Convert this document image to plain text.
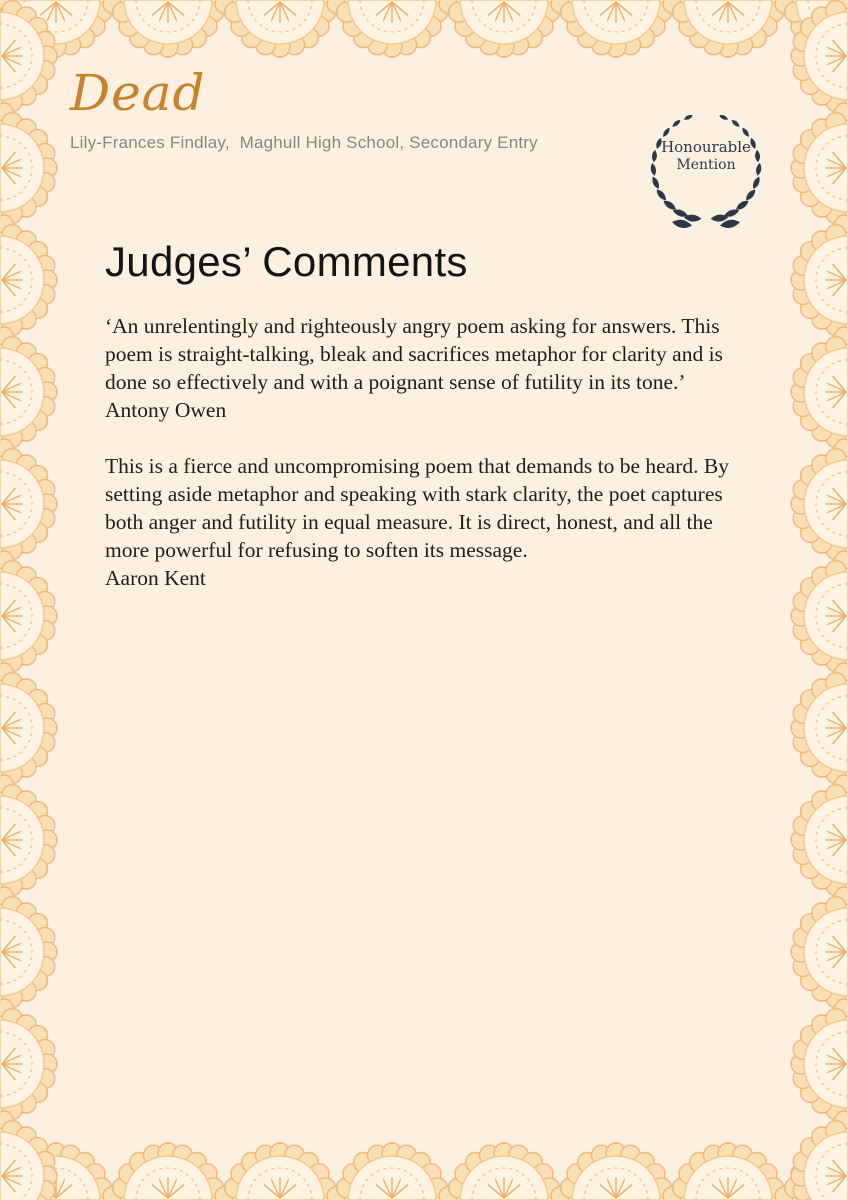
Dead

Lily-Frances Findlay,  Maghull High School, Secondary Entry	Honourable
Mention
Judges’ Comments

‘An unrelentingly and righteously angry poem asking for answers. This poem is straight-talking, bleak and sacrifices metaphor for clarity and is done so effectively and with a poignant sense of futility in its tone.’

Antony Owen

This is a fierce and uncompromising poem that demands to be heard. By setting aside metaphor and speaking with stark clarity, the poet captures both anger and futility in equal measure. It is direct, honest, and all the more powerful for refusing to soften its message.

Aaron Kent
